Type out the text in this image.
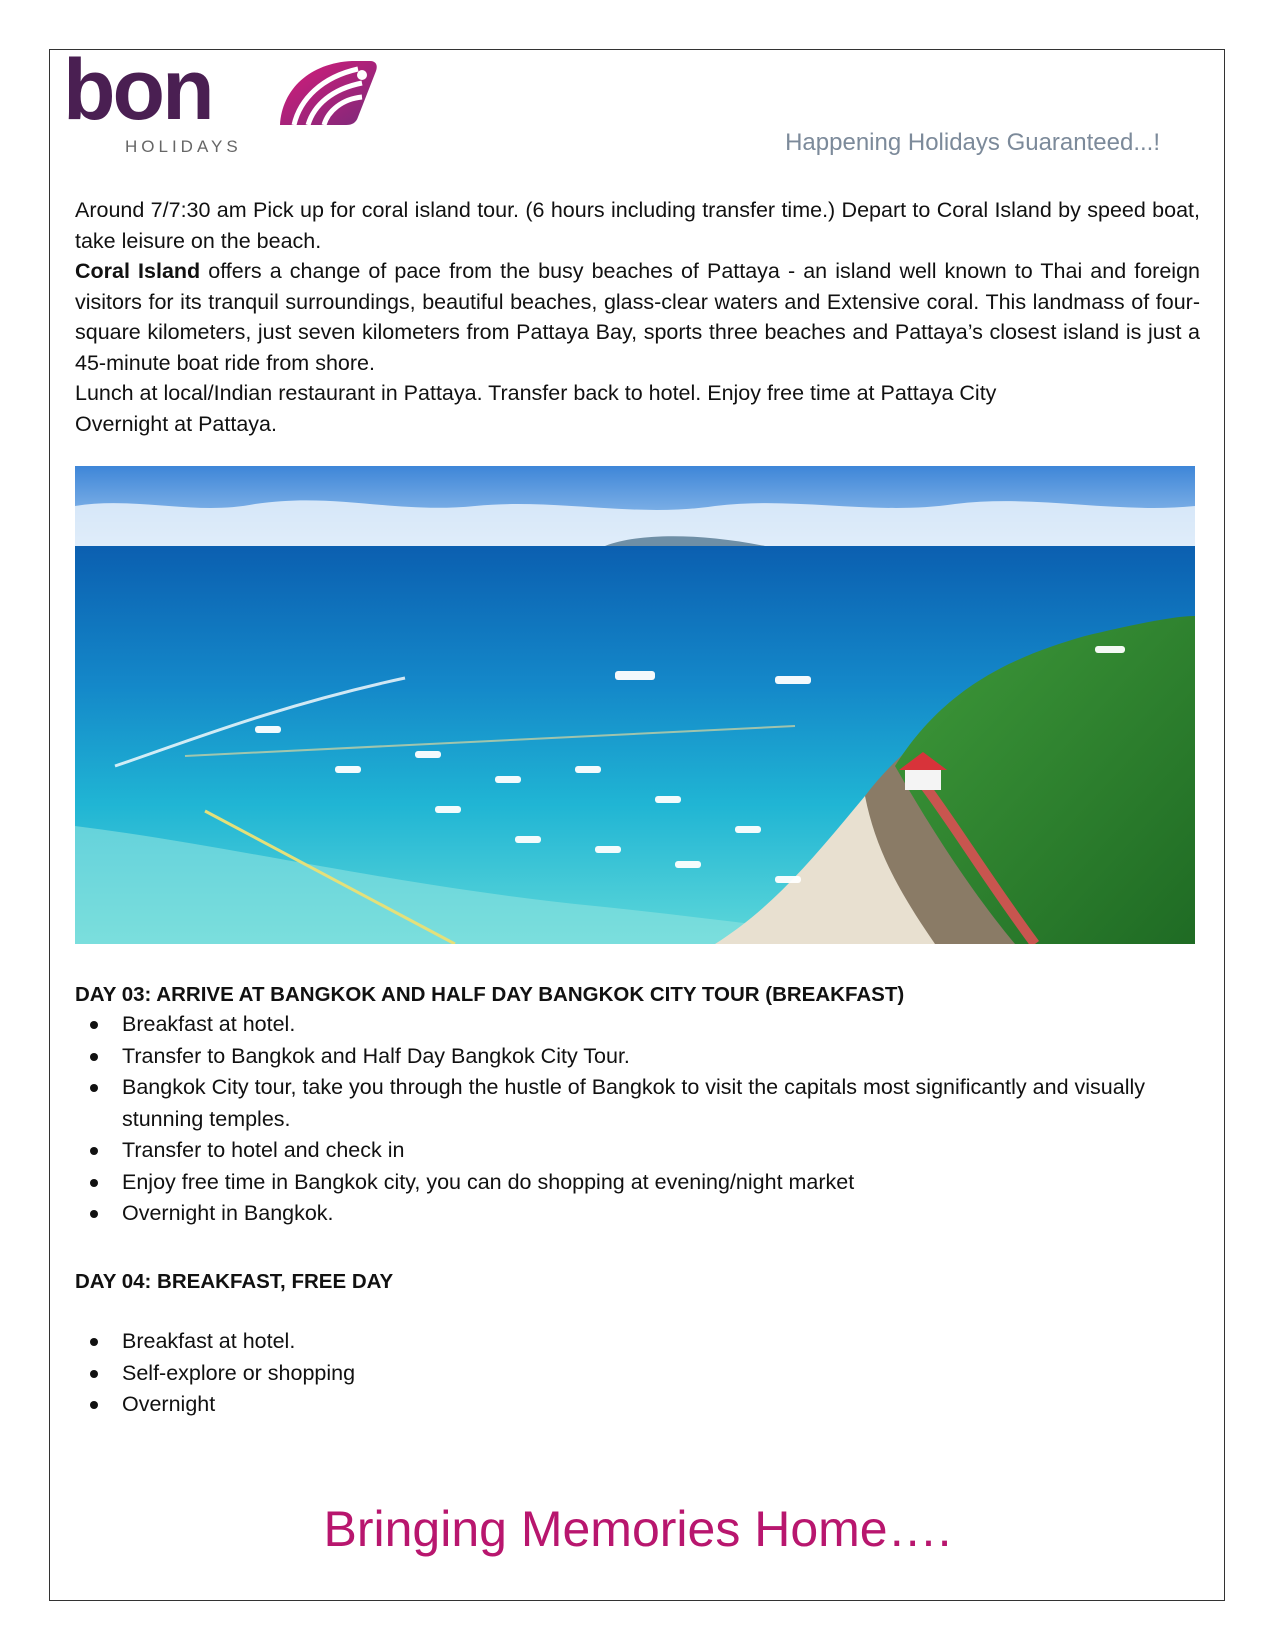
bon
HOLIDAYS	Happening Holidays Guaranteed...!

Around 7/7:30 am Pick up for coral island tour. (6 hours including transfer time.) Depart to Coral Island by speed boat, take leisure on the beach.

Coral Island offers a change of pace from the busy beaches of Pattaya - an island well known to Thai and foreign visitors for its tranquil surroundings, beautiful beaches, glass-clear waters and Extensive coral. This landmass of four-square kilometers, just seven kilometers from Pattaya Bay, sports three beaches and Pattaya’s closest island is just a 45-minute boat ride from shore.

Lunch at local/Indian restaurant in Pattaya. Transfer back to hotel. Enjoy free time at Pattaya City

Overnight at Pattaya.

DAY 03: ARRIVE AT BANGKOK AND HALF DAY BANGKOK CITY TOUR (BREAKFAST)
Breakfast at hotel.
Transfer to Bangkok and Half Day Bangkok City Tour.
Bangkok City tour, take you through the hustle of Bangkok to visit the capitals most significantly and visually stunning temples.
Transfer to hotel and check in
Enjoy free time in Bangkok city, you can do shopping at evening/night market
Overnight in Bangkok.
DAY 04: BREAKFAST, FREE DAY
Breakfast at hotel.
Self-explore or shopping
Overnight
Bringing Memories Home….
